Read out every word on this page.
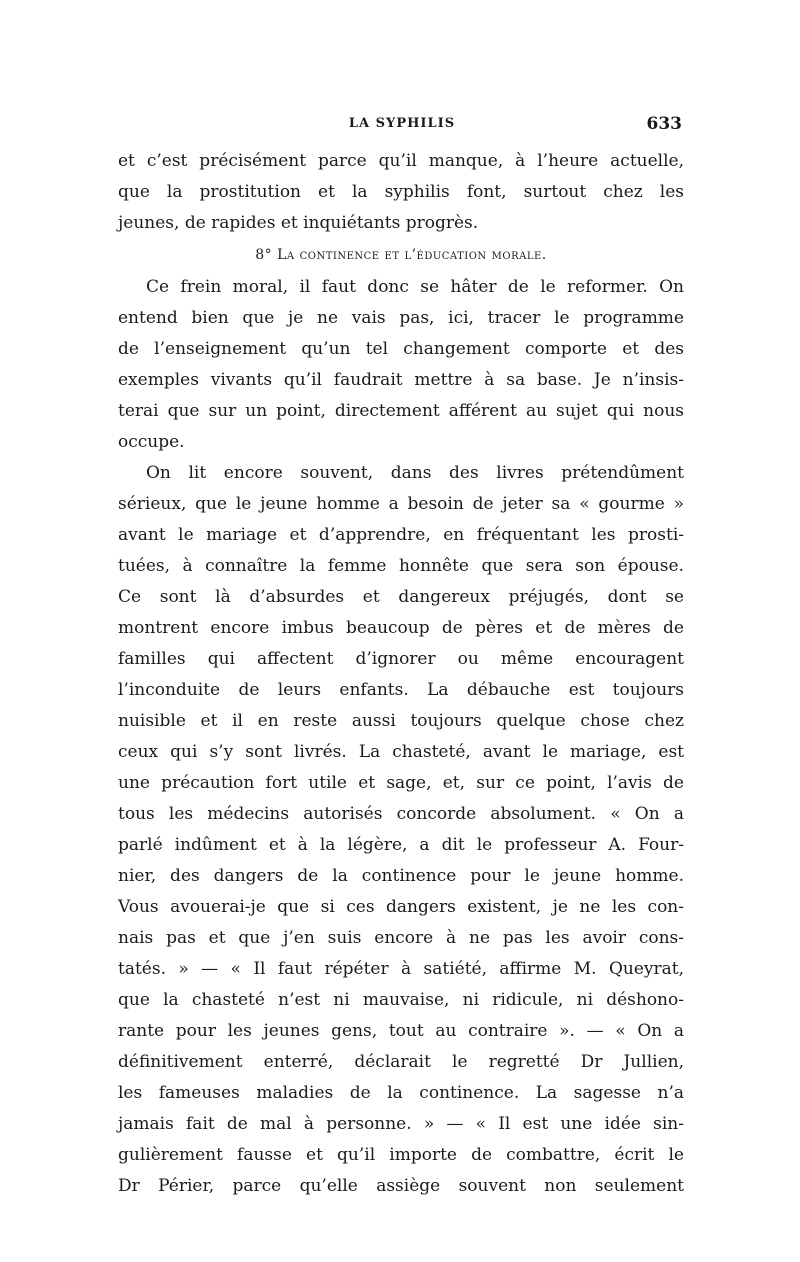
LA SYPHILIS	633
et c’est précisément parce qu’il manque, à l’heure actuelle,
que la prostitution et la syphilis font, surtout chez les
jeunes, de rapides et inquiétants progrès.
8° La continence et l’éducation morale.
Ce frein moral, il faut donc se hâter de le reformer. On
entend bien que je ne vais pas, ici, tracer le programme
de l’enseignement qu’un tel changement comporte et des
exemples vivants qu’il faudrait mettre à sa base. Je n’insis-
terai que sur un point, directement afférent au sujet qui nous
occupe.
On lit encore souvent, dans des livres prétendûment
sérieux, que le jeune homme a besoin de jeter sa « gourme »
avant le mariage et d’apprendre, en fréquentant les prosti-
tuées, à connaître la femme honnête que sera son épouse.
Ce sont là d’absurdes et dangereux préjugés, dont se
montrent encore imbus beaucoup de pères et de mères de
familles qui affectent d’ignorer ou même encouragent
l’inconduite de leurs enfants. La débauche est toujours
nuisible et il en reste aussi toujours quelque chose chez
ceux qui s’y sont livrés. La chasteté, avant le mariage, est
une précaution fort utile et sage, et, sur ce point, l’avis de
tous les médecins autorisés concorde absolument. « On a
parlé indûment et à la légère, a dit le professeur A. Four-
nier, des dangers de la continence pour le jeune homme.
Vous avouerai-je que si ces dangers existent, je ne les con-
nais pas et que j’en suis encore à ne pas les avoir cons-
tatés. » — « Il faut répéter à satiété, affirme M. Queyrat,
que la chasteté n’est ni mauvaise, ni ridicule, ni déshono-
rante pour les jeunes gens, tout au contraire ». — « On a
définitivement enterré, déclarait le regretté Dr Jullien,
les fameuses maladies de la continence. La sagesse n’a
jamais fait de mal à personne. » — « Il est une idée sin-
gulièrement fausse et qu’il importe de combattre, écrit le
Dr Périer, parce qu’elle assiège souvent non seulement
